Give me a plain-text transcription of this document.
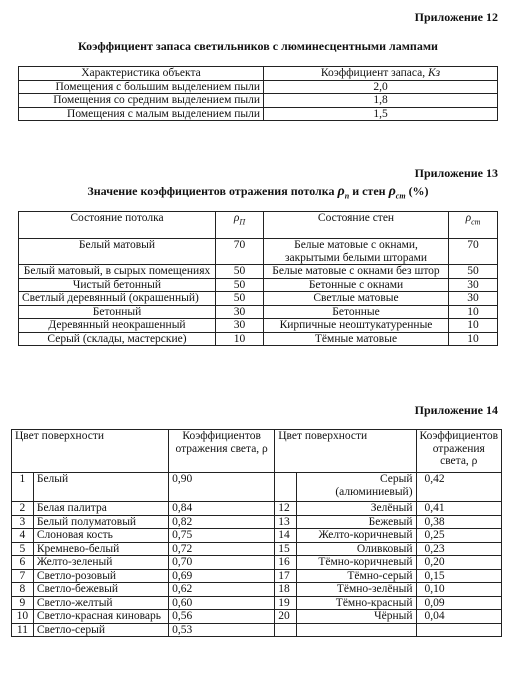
Приложение 12
Коэффициент запаса светильников с люминесцентными лампами
Характеристика объекта	Коэффициент запаса, Кз
Помещения с большим выделением пыли	2,0
Помещения со средним выделением пыли	1,8
Помещения с малым выделением пыли	1,5
Приложение 13
Значение коэффициентов отражения потолка $\rho_п$ и стен $\rho_{ст}$ (%)
Состояние потолка	$\rho_П$	Состояние стен	$\rho_{ст}$
Белый матовый	70	Белые матовые с окнами, закрытыми белыми шторами	70
Белый матовый, в сырых помещениях	50	Белые матовые с окнами без штор	50
Чистый бетонный	50	Бетонные с окнами	30
Светлый деревянный (окрашенный)	50	Светлые матовые	30
Бетонный	30	Бетонные	10
Деревянный неокрашенный	30	Кирпичные неоштукатуренные	10
Серый (склады, мастерские)	10	Тёмные матовые	10
Приложение 14
Цвет поверхности		Коэффициентов отражения света, ρ	Цвет поверхности		Коэффициентов отражения света, ρ
1	Белый	0,90		Серый (алюминиевый)	0,42
2	Белая палитра	0,84	12	Зелёный	0,41
3	Белый полуматовый	0,82	13	Бежевый	0,38
4	Слоновая кость	0,75	14	Желто-коричневый	0,25
5	Кремнево-белый	0,72	15	Оливковый	0,23
6	Желто-зеленый	0,70	16	Тёмно-коричневый	0,20
7	Светло-розовый	0,69	17	Тёмно-серый	0,15
8	Светло-бежевый	0,62	18	Тёмно-зелёный	0,10
9	Светло-желтый	0,60	19	Тёмно-красный	0,09
10	Светло-красная киноварь	0,56	20	Чёрный	0,04
11	Светло-серый	0,53			
